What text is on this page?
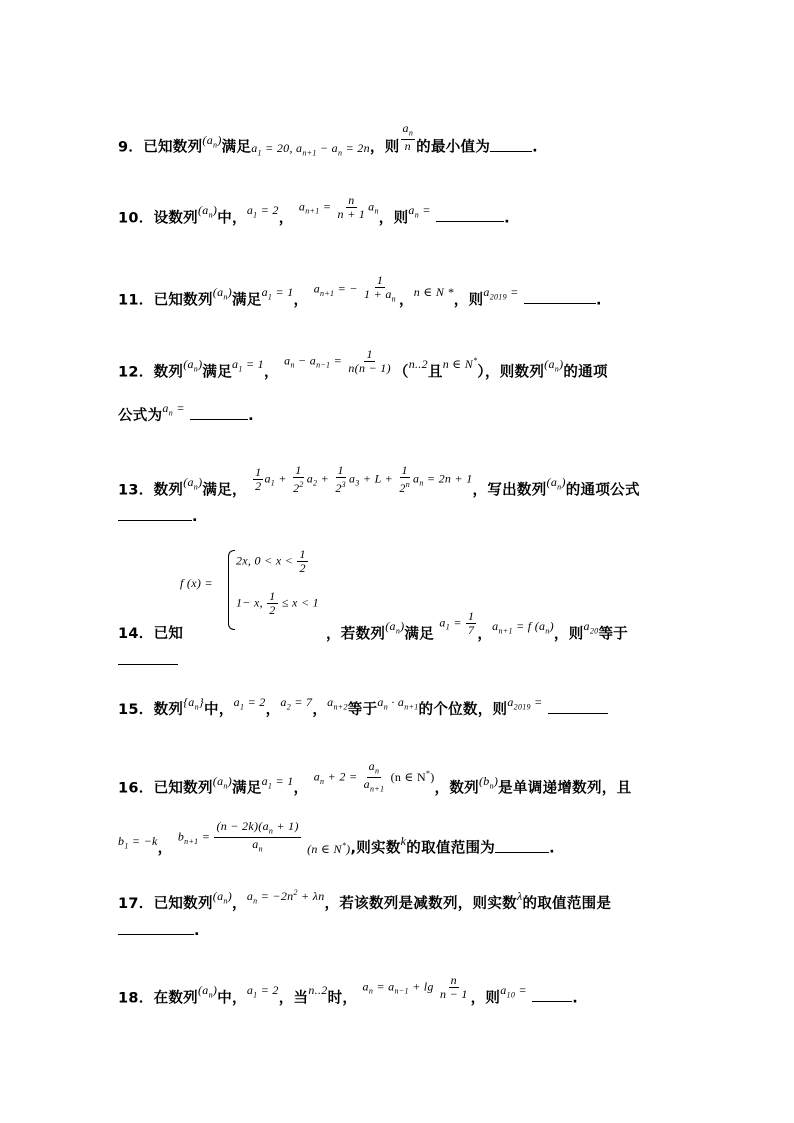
9．已知数列$(a_n)$满足$a_1 = 20$, $a_{n+1} - a_n = 2n$，则 $\frac{a_n}{n}$ 的最小值为	.
10．设数列$(a_n)$中，$a_1 = 2$， $a_{n+1} = \frac{n}{n + 1} a_n$，则$a_n$ =	.
11．已知数列$(a_n)$满足$a_1 = 1$， $a_{n+1}$ = − $\frac{1}{1 + a_n}$ ，n ∈ N *，则$a_{2019}$ =	.
12．数列$(a_n)$满足$a_1 = 1$， $a_n - a_{n-1} = \frac{1}{n(n - 1)} (n..2$且n ∈ N*），则数列$(a_n)$的通项
公式为$a_n$ =	.
13．数列$(a_n)$满足， $\frac{1}{2} a_1 + \frac{1}{2^2} a_2 + \frac{1}{2^3} a_3 + L + \frac{1}{2^n} a_n = 2n + 1$，写出数列$(a_n)$的通项公式
.
f (x) =
2x, $0 < x < \frac{1}{2}$
1− x, $\frac{1}{2} \le x < 1$
14．已知	，若数列$(a_n)$满足 $a_1 = \frac{1}{7}$ ，$a_{n+1} = f$ $(a_n)$，则$a_{20}$等于
15．数列$\{a_n\}$中，$a_1 = 2$，$a_2 = 7$，$a_{n+2}$等于$a_n \cdot a_{n+1}$的个位数，则$a_{2019}$ =
16．已知数列$(a_n)$满足$a_1 = 1$， $a_n + 2 = \frac{a_n}{a_{n+1}} (n$ ∈ N*)，数列$(b_n)$是单调递增数列，且
$b_1 = -k$， $b_{n+1} = \frac{(n - 2k)(a_n + 1)}{a_n} (n$ ∈ N*),则实数k的取值范围为	.
17．已知数列$(a_n)$，$a_n = -2n^2 + \lambda n$，若该数列是减数列，则实数λ的取值范围是
.
18．在数列$(a_n)$中，$a_1 = 2$，当n..2时， $a_n = a_{n-1} + \lg \frac{n}{n - 1}$ ，则$a_{10}$ =	.
